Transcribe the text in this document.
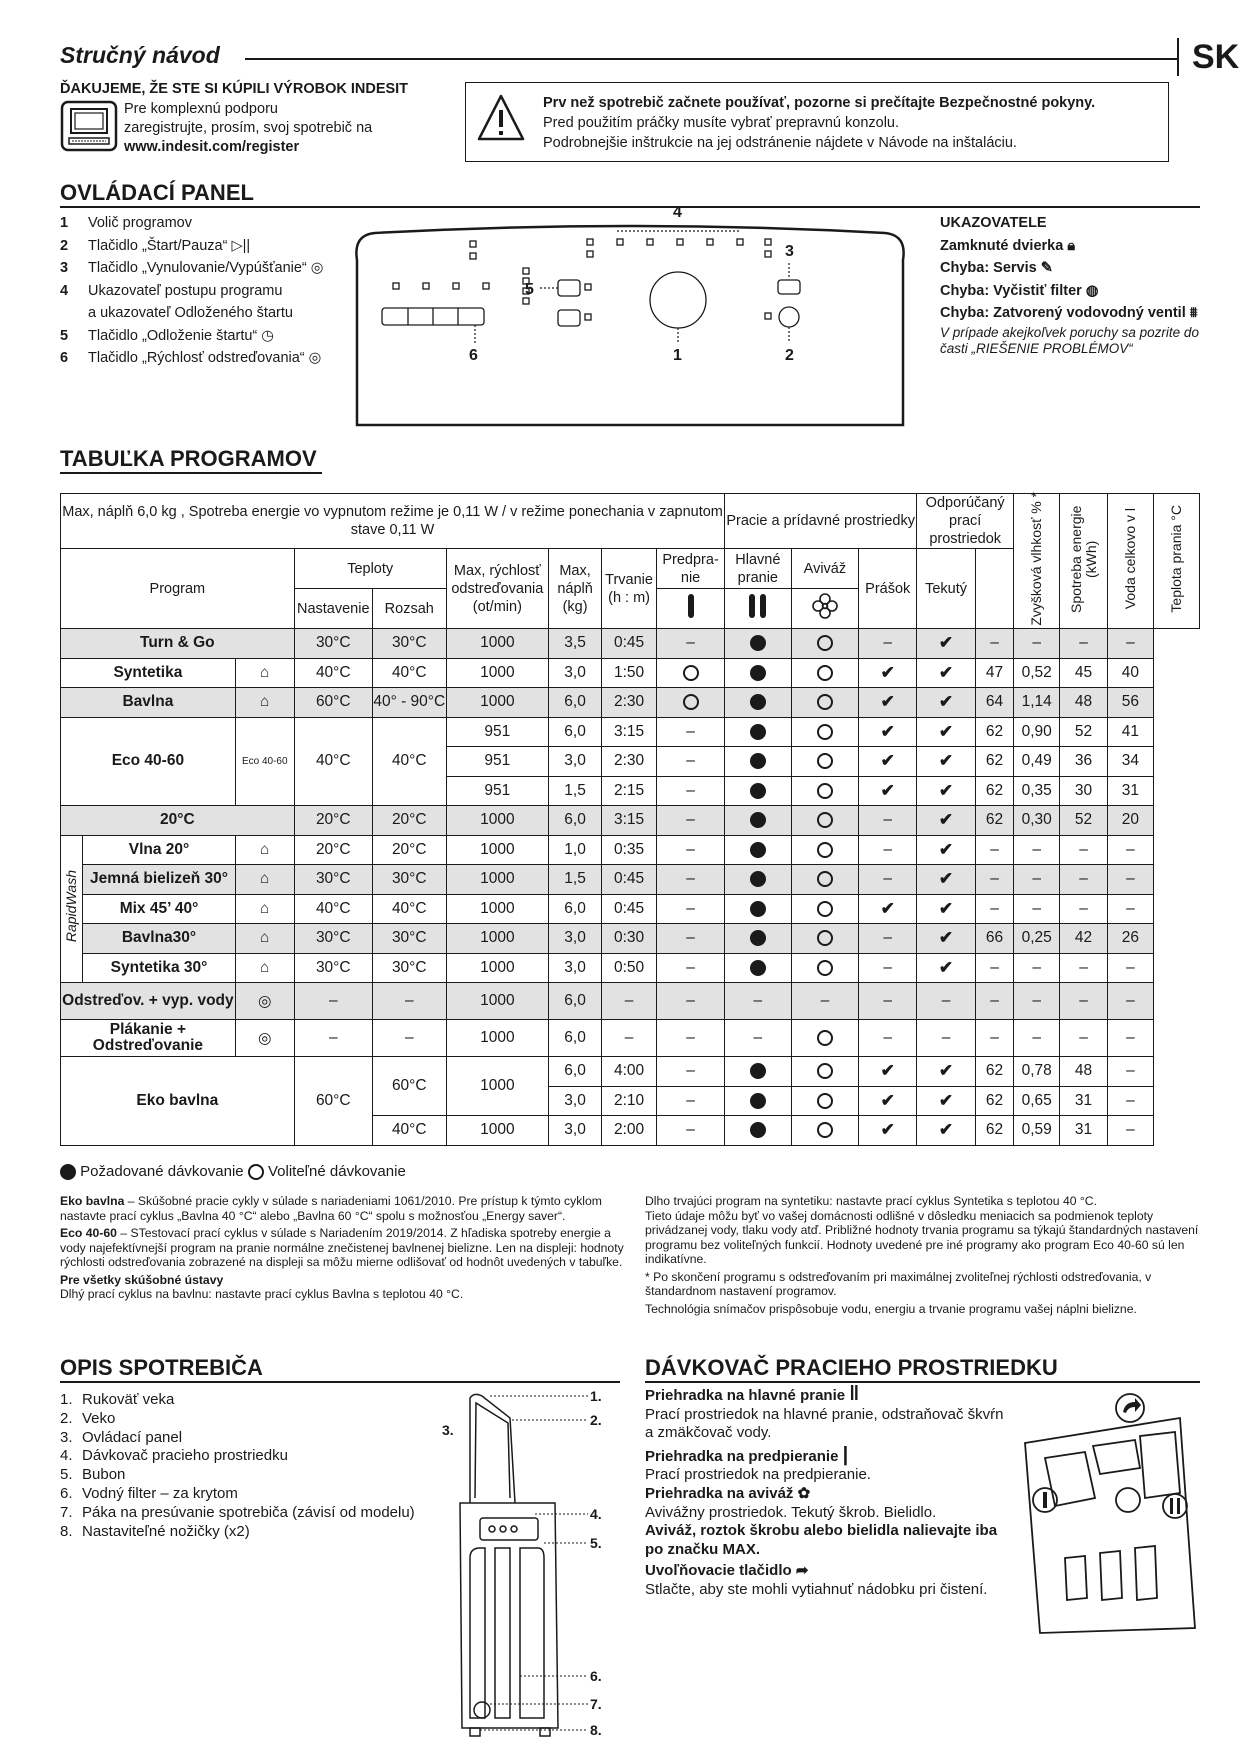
Stručný návod	SK
ĎAKUJEME, ŽE STE SI KÚPILI VÝROBOK INDESIT
Pre komplexnú podporu
zaregistrujte, prosím, svoj spotrebič na
www.indesit.com/register
Prv než spotrebič začnete používať, pozorne si prečítajte Bezpečnostné pokyny.
Pred použitím práčky musíte vybrať prepravnú konzolu.
Podrobnejšie inštrukcie na jej odstránenie nájdete v Návode na inštaláciu.
OVLÁDACÍ PANEL
1 Volič programov
2 Tlačidlo „Štart/Pauza“ ▷||
3 Tlačidlo „Vynulovanie/Vypúšťanie“ ◎
4 Ukazovateľ postupu programu
a ukazovateľ Odloženého štartu
5 Tlačidlo „Odloženie štartu“ ◷
6 Tlačidlo „Rýchlosť odstreďovania“ ◎
4
3
5
6	1	2
UKAZOVATELE
Zamknuté dvierka 🔒︎
Chyba: Servis ✎
Chyba: Vyčistiť filter ◍
Chyba: Zatvorený vodovodný ventil ⩩
V prípade akejkoľvek poruchy sa pozrite do časti „RIEŠENIE PROBLÉMOV“
TABUĽKA PROGRAMOV
Max, náplň 6,0 kg , Spotreba energie vo vypnutom režime je 0,11 W / v režime ponechania v zapnutom stave 0,11 W									Pracie a prídavné prostriedky			Odporúčaný prací prostriedok		Zvyšková vlhkosť % *	Spotreba energie (kWh)	Voda celkovo v l	Teplota prania °C
Program			Teploty		Max, rýchlosť odstreďovania (ot/min)	Max, náplň (kg)	Trvanie (h : m)	Predpra-nie	Hlavné pranie	Aviváž	Prášok	Tekutý					
			Nastavenie	Rozsah			
Turn & Go			30°C	30°C	1000	3,5	0:45	–			–	✔	–	–	–	–	
Syntetika		⌂	40°C	40°C	1000	3,0	1:50				✔	✔	47	0,52	45	40	
Bavlna		⌂	60°C	40° - 90°C	1000	6,0	2:30				✔	✔	64	1,14	48	56	
Eco 40-60		Eco 40-60	40°C	40°C	951	6,0	3:15	–			✔	✔	62	0,90	52	41	
					951	3,0	2:30	–			✔	✔	62	0,49	36	34	
					951	1,5	2:15	–			✔	✔	62	0,35	30	31	
20°C			20°C	20°C	1000	6,0	3:15	–			–	✔	62	0,30	52	20	
RapidWash	Vlna 20°	⌂	20°C	20°C	1000	1,0	0:35	–			–	✔	–	–	–	–	
	Jemná bielizeň 30°	⌂	30°C	30°C	1000	1,5	0:45	–			–	✔	–	–	–	–	
	Mix 45’ 40°	⌂	40°C	40°C	1000	6,0	0:45	–			✔	✔	–	–	–	–	
	Bavlna30°	⌂	30°C	30°C	1000	3,0	0:30	–			–	✔	66	0,25	42	26	
	Syntetika 30°	⌂	30°C	30°C	1000	3,0	0:50	–			–	✔	–	–	–	–	
Odstreďov. + vyp. vody		◎	–	–	1000	6,0	–	–	–	–	–	–	–	–	–	–	
Plákanie + Odstreďovanie		◎	–	–	1000	6,0	–	–	–		–	–	–	–	–	–	
Eko bavlna			60°C	60°C	1000	6,0	4:00	–			✔	✔	62	0,78	48	–	
						3,0	2:10	–			✔	✔	62	0,65	31	–	
				40°C	1000	3,0	2:00	–			✔	✔	62	0,59	31	–	
Požadované dávkovanie Voliteľné dávkovanie
Eko bavlna – Skúšobné pracie cykly v súlade s nariadeniami 1061/2010. Pre prístup k týmto cyklom nastavte prací cyklus „Bavlna 40 °C“ alebo „Bavlna 60 °C“ spolu s možnosťou „Energy saver“.
Eco 40-60 – STestovací prací cyklus v súlade s Nariadením 2019/2014. Z hľadiska spotreby energie a vody najefektívnejší program na pranie normálne znečistenej bavlnenej bielizne. Len na displeji: hodnoty rýchlosti odstreďovania zobrazené na displeji sa môžu mierne odlišovať od hodnôt uvedených v tabuľke.
Pre všetky skúšobné ústavy
Dlhý prací cyklus na bavlnu: nastavte prací cyklus Bavlna s teplotou 40 °C.
Dlho trvajúci program na syntetiku: nastavte prací cyklus Syntetika s teplotou 40 °C.
Tieto údaje môžu byť vo vašej domácnosti odlišné v dôsledku meniacich sa podmienok teploty privádzanej vody, tlaku vody atď. Približné hodnoty trvania programu sa týkajú štandardných nastavení programu bez voliteľných funkcií. Hodnoty uvedené pre iné programy ako program Eco 40-60 sú len indikatívne.
* Po skončení programu s odstreďovaním pri maximálnej zvoliteľnej rýchlosti odstreďovania, v štandardnom nastavení programov.
Technológia snímačov prispôsobuje vodu, energiu a trvanie programu vašej náplni bielizne.
OPIS SPOTREBIČA
1. Rukoväť veka
2. Veko
3. Ovládací panel
4. Dávkovač pracieho prostriedku
5. Bubon
6. Vodný filter – za krytom
7. Páka na presúvanie spotrebiča (závisí od modelu)
8. Nastaviteľné nožičky (x2)
1.
2.
3.
4.
5.
6.
7.
8.
DÁVKOVAČ PRACIEHO PROSTRIEDKU
Priehradka na hlavné pranie ‖
Prací prostriedok na hlavné pranie, odstraňovač škvŕn a zmäkčovač vody.
Priehradka na predpieranie |
Prací prostriedok na predpieranie.
Priehradka na aviváž ✿
Avivážny prostriedok. Tekutý škrob. Bielidlo.
Aviváž, roztok škrobu alebo bielidla nalievajte iba po značku MAX.
Uvoľňovacie tlačidlo ➦
Stlačte, aby ste mohli vytiahnuť nádobku pri čistení.
